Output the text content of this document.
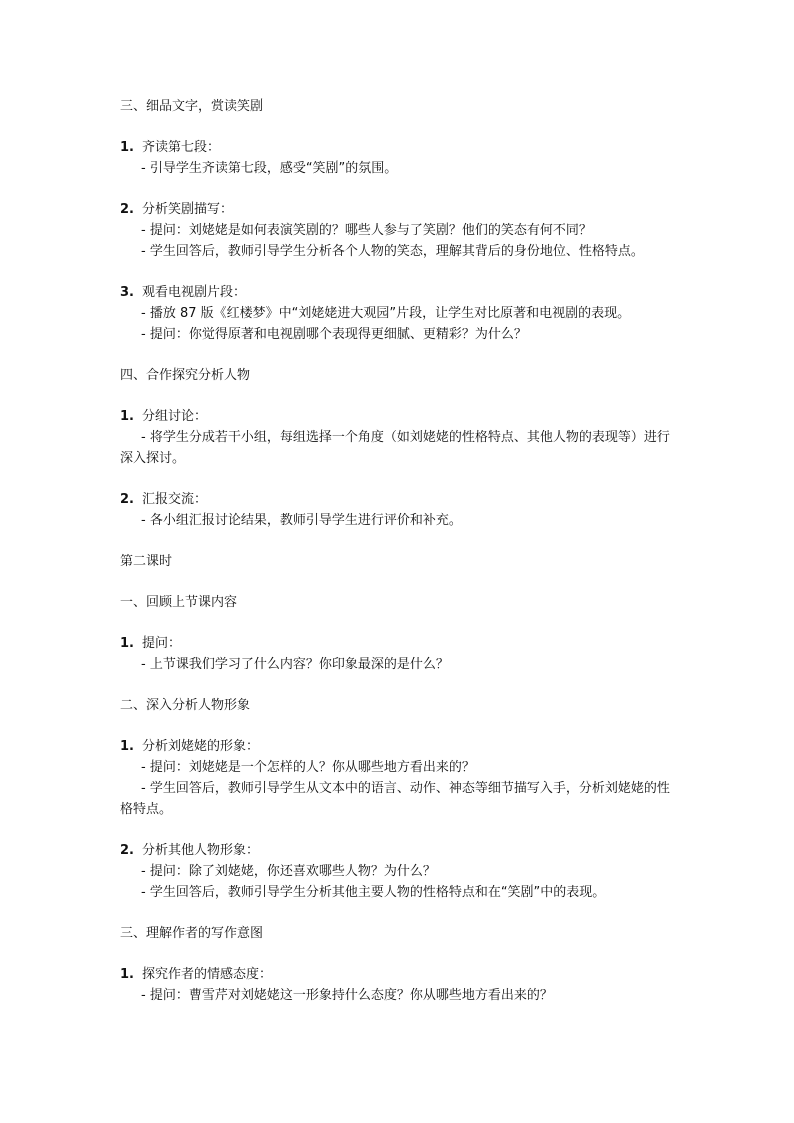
三、细品文字，赏读笑剧
1. 齐读第七段：
- 引导学生齐读第七段，感受“笑剧”的氛围。
2. 分析笑剧描写：
- 提问：刘姥姥是如何表演笑剧的？哪些人参与了笑剧？他们的笑态有何不同？
- 学生回答后，教师引导学生分析各个人物的笑态，理解其背后的身份地位、性格特点。
3. 观看电视剧片段：
- 播放 87 版《红楼梦》中“刘姥姥进大观园”片段，让学生对比原著和电视剧的表现。
- 提问：你觉得原著和电视剧哪个表现得更细腻、更精彩？为什么？
四、合作探究分析人物
1. 分组讨论：
- 将学生分成若干小组，每组选择一个角度（如刘姥姥的性格特点、其他人物的表现等）进行深入探讨。
2. 汇报交流：
- 各小组汇报讨论结果，教师引导学生进行评价和补充。
第二课时
一、回顾上节课内容
1. 提问：
- 上节课我们学习了什么内容？你印象最深的是什么？
二、深入分析人物形象
1. 分析刘姥姥的形象：
- 提问：刘姥姥是一个怎样的人？你从哪些地方看出来的？
- 学生回答后，教师引导学生从文本中的语言、动作、神态等细节描写入手，分析刘姥姥的性格特点。
2. 分析其他人物形象：
- 提问：除了刘姥姥，你还喜欢哪些人物？为什么？
- 学生回答后，教师引导学生分析其他主要人物的性格特点和在“笑剧”中的表现。
三、理解作者的写作意图
1. 探究作者的情感态度：
- 提问：曹雪芹对刘姥姥这一形象持什么态度？你从哪些地方看出来的？
